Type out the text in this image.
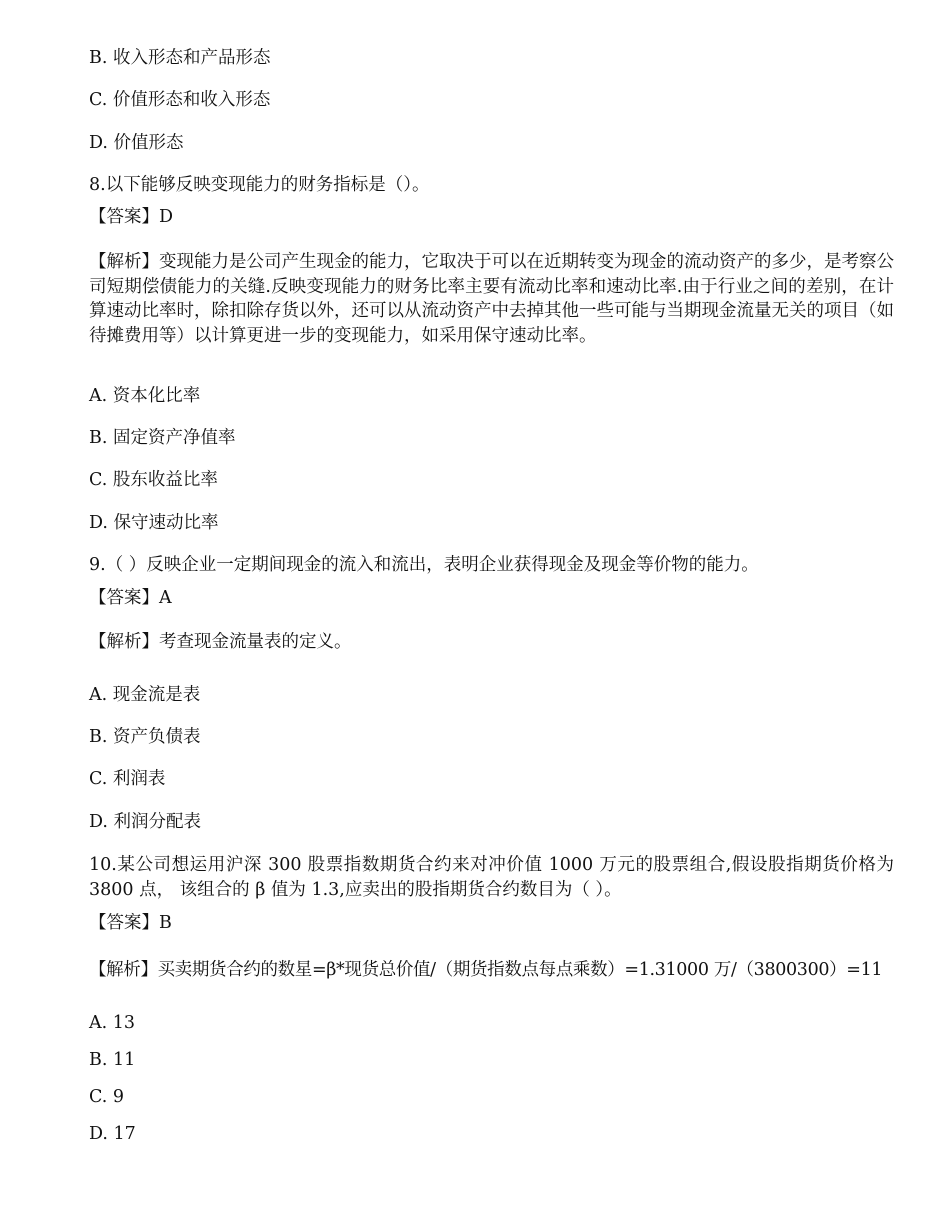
B. 收入形态和产品形态
C. 价值形态和收入形态
D. 价值形态
8.以下能够反映变现能力的财务指标是（）。
【答案】D
【解析】变现能力是公司产生现金的能力，它取决于可以在近期转变为现金的流动资产的多少，是考察公司短期偿债能力的关缝.反映变现能力的财务比率主要有流动比率和速动比率.由于行业之间的差别，在计算速动比率时，除扣除存货以外，还可以从流动资产中去掉其他一些可能与当期现金流量无关的项目（如待摊费用等）以计算更进一步的变现能力，如采用保守速动比率。
A. 资本化比率
B. 固定资产净值率
C. 股东收益比率
D. 保守速动比率
9.（ ）反映企业一定期间现金的流入和流出，表明企业获得现金及现金等价物的能力。
【答案】A
【解析】考查现金流量表的定义。
A. 现金流是表
B. 资产负债表
C. 利润表
D. 利润分配表
10.某公司想运用沪深 300 股票指数期货合约来对冲价值 1000 万元的股票组合,假设股指期货价格为 3800 点， 该组合的 β 值为 1.3,应卖出的股指期货合约数目为（ ）。
【答案】B
【解析】买卖期货合约的数星=β*现货总价值/（期货指数点每点乘数）=1.31000 万/（3800300）=11
A. 13
B. 11
C. 9
D. 17
